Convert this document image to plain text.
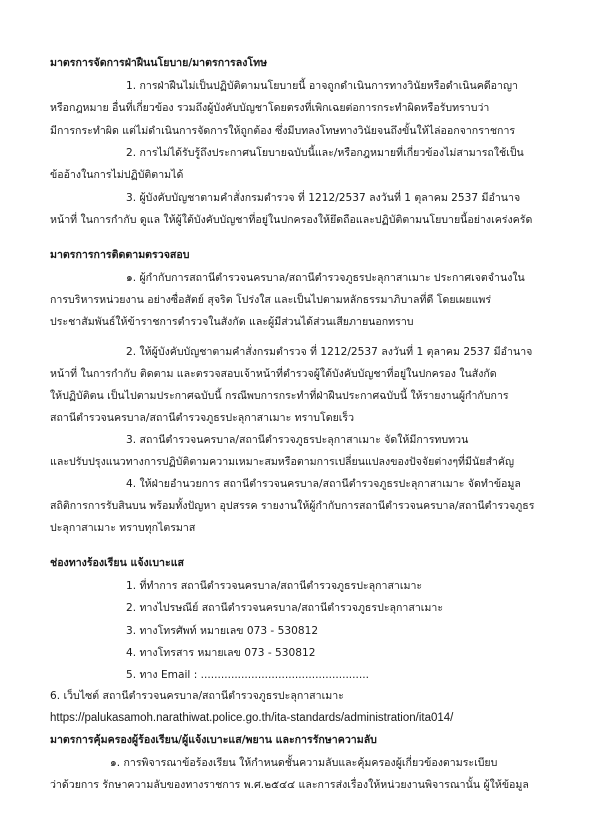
มาตรการจัดการฝ่าฝืนนโยบาย/มาตรการลงโทษ
1. การฝ่าฝืนไม่เป็นปฏิบัติตามนโยบายนี้ อาจถูกดำเนินการทางวินัยหรือดำเนินคดีอาญา
หรือกฎหมาย อื่นที่เกี่ยวข้อง รวมถึงผู้บังคับบัญชาโดยตรงที่เพิกเฉยต่อการกระทำผิดหรือรับทราบว่า
มีการกระทำผิด แต่ไม่ดำเนินการจัดการให้ถูกต้อง ซึ่งมีบทลงโทษทางวินัยจนถึงขั้นให้ไล่ออกจากราชการ
2. การไม่ได้รับรู้ถึงประกาศนโยบายฉบับนี้และ/หรือกฎหมายที่เกี่ยวข้องไม่สามารถใช้เป็น
ข้ออ้างในการไม่ปฏิบัติตามได้
3. ผู้บังคับบัญชาตามคำสั่งกรมตำรวจ ที่ 1212/2537 ลงวันที่ 1 ตุลาคม 2537 มีอำนาจ
หน้าที่ ในการกำกับ ดูแล ให้ผู้ใต้บังคับบัญชาที่อยู่ในปกครองให้ยึดถือและปฏิบัติตามนโยบายนี้อย่างเคร่งครัด
มาตรการการติดตามตรวจสอบ
๑. ผู้กำกับการสถานีตำรวจนครบาล/สถานีตำรวจภูธรปะลุกาสาเมาะ ประกาศเจตจำนงใน
การบริหารหน่วยงาน อย่างซื่อสัตย์ สุจริต โปร่งใส และเป็นไปตามหลักธรรมาภิบาลที่ดี โดยเผยแพร่
ประชาสัมพันธ์ให้ข้าราชการตำรวจในสังกัด และผู้มีส่วนได้ส่วนเสียภายนอกทราบ
2. ให้ผู้บังคับบัญชาตามคำสั่งกรมตำรวจ ที่ 1212/2537 ลงวันที่ 1 ตุลาคม 2537 มีอำนาจ
หน้าที่ ในการกำกับ ติดตาม และตรวจสอบเจ้าหน้าที่ตำรวจผู้ใต้บังคับบัญชาที่อยู่ในปกครอง ในสังกัด
ให้ปฏิบัติตน เป็นไปตามประกาศฉบับนี้ กรณีพบการกระทำที่ฝ่าฝืนประกาศฉบับนี้ ให้รายงานผู้กำกับการ
สถานีตำรวจนครบาล/สถานีตำรวจภูธรปะลุกาสาเมาะ ทราบโดยเร็ว
3. สถานีตำรวจนครบาล/สถานีตำรวจภูธรปะลุกาสาเมาะ จัดให้มีการทบทวน
และปรับปรุงแนวทางการปฏิบัติตามความเหมาะสมหรือตามการเปลี่ยนแปลงของปัจจัยต่างๆที่มีนัยสำคัญ
4. ให้ฝ่ายอำนวยการ สถานีตำรวจนครบาล/สถานีตำรวจภูธรปะลุกาสาเมาะ จัดทำข้อมูล
สถิติการการรับสินบน พร้อมทั้งปัญหา อุปสรรค รายงานให้ผู้กำกับการสถานีตำรวจนครบาล/สถานีตำรวจภูธร
ปะลุกาสาเมาะ ทราบทุกไตรมาส
ช่องทางร้องเรียน แจ้งเบาะแส
1. ที่ทำการ สถานีตำรวจนครบาล/สถานีตำรวจภูธรปะลุกาสาเมาะ
2. ทางไปรษณีย์ สถานีตำรวจนครบาล/สถานีตำรวจภูธรปะลุกาสาเมาะ
3. ทางโทรศัพท์ หมายเลข 073 - 530812
4. ทางโทรสาร หมายเลข 073 - 530812
5. ทาง Email : ..................................................
6. เว็บไซต์ สถานีตำรวจนครบาล/สถานีตำรวจภูธรปะลุกาสาเมาะ
https://palukasamoh.narathiwat.police.go.th/ita-standards/administration/ita014/
มาตรการคุ้มครองผู้ร้องเรียน/ผู้แจ้งเบาะแส/พยาน และการรักษาความลับ
๑. การพิจารณาข้อร้องเรียน ให้กำหนดชั้นความลับและคุ้มครองผู้เกี่ยวข้องตามระเบียบ
ว่าด้วยการ รักษาความลับของทางราชการ พ.ศ.๒๕๔๔ และการส่งเรื่องให้หน่วยงานพิจารณานั้น ผู้ให้ข้อมูล
